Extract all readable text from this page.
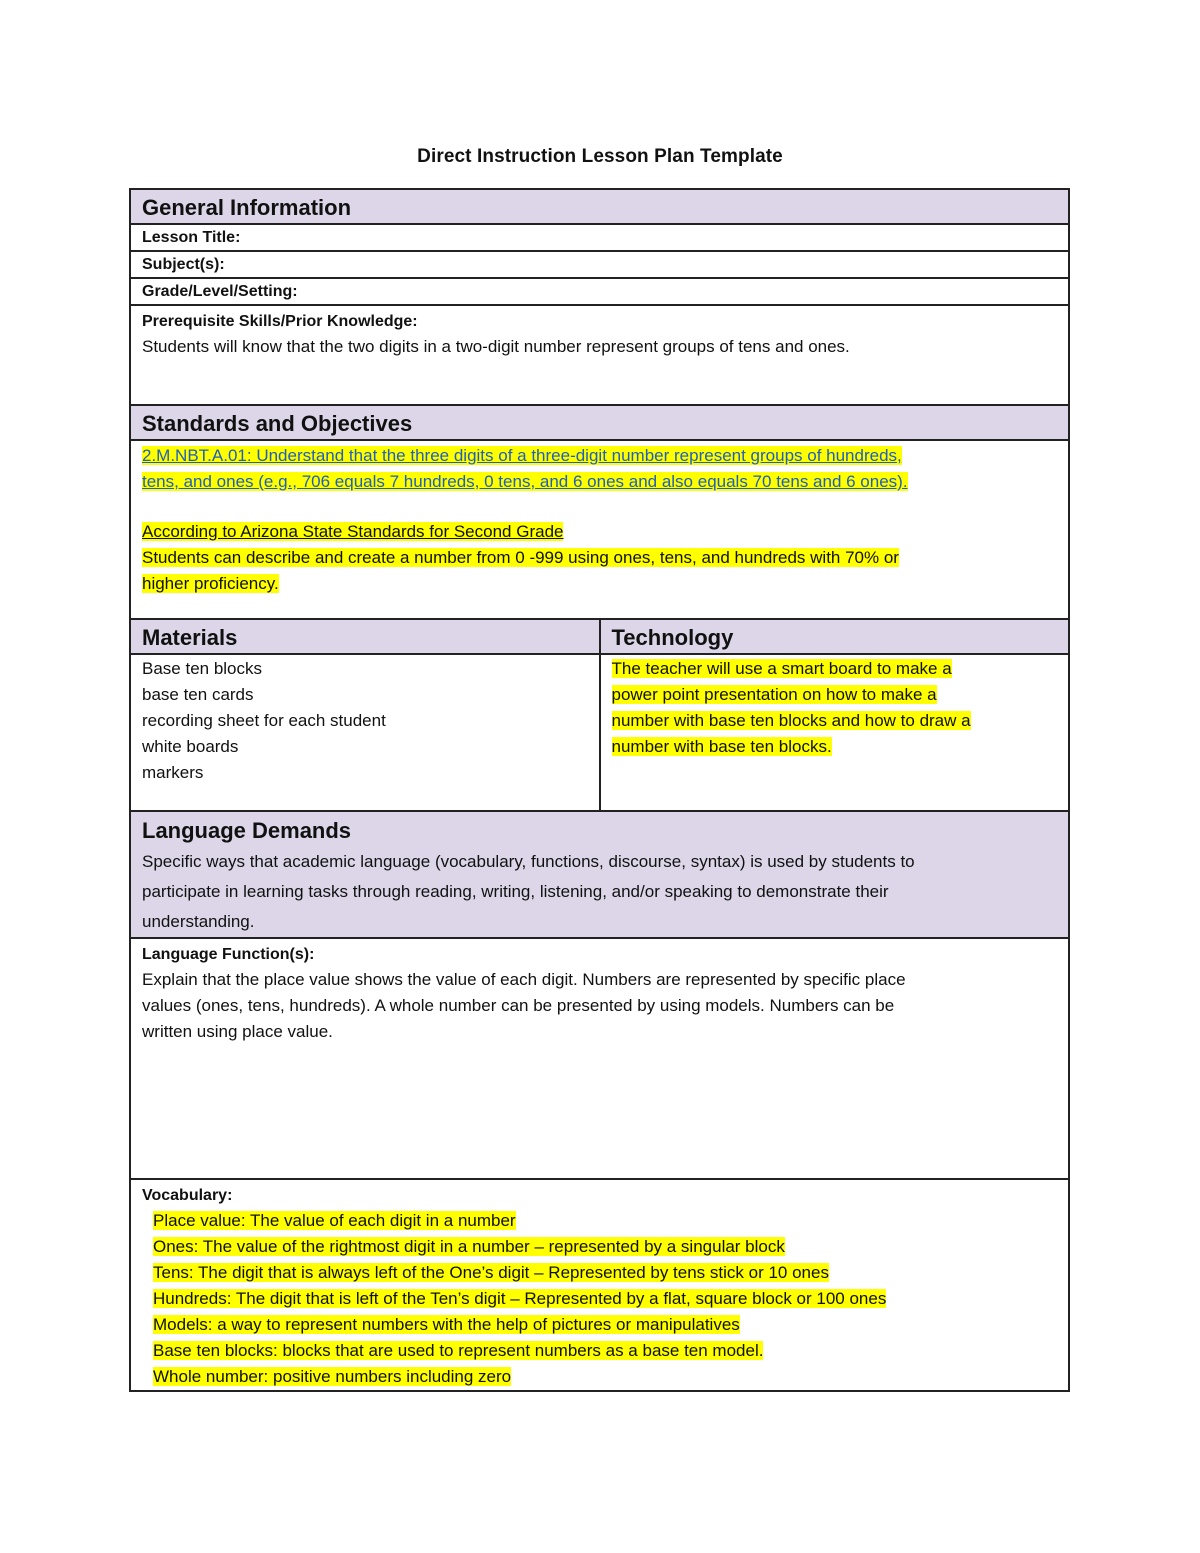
Direct Instruction Lesson Plan Template
General Information
Lesson Title:
Subject(s):
Grade/Level/Setting:
Prerequisite Skills/Prior Knowledge:
Students will know that the two digits in a two-digit number represent groups of tens and ones.
Standards and Objectives
2.M.NBT.A.01: Understand that the three digits of a three-digit number represent groups of hundreds,
tens, and ones (e.g., 706 equals 7 hundreds, 0 tens, and 6 ones and also equals 70 tens and 6 ones).
According to Arizona State Standards for Second Grade
Students can describe and create a number from 0 -999 using ones, tens, and hundreds with 70% or
higher proficiency.
Materials	Technology
Base ten blocks
base ten cards
recording sheet for each student
white boards
markers
The teacher will use a smart board to make a
power point presentation on how to make a
number with base ten blocks and how to draw a
number with base ten blocks.
Language Demands
Specific ways that academic language (vocabulary, functions, discourse, syntax) is used by students to
participate in learning tasks through reading, writing, listening, and/or speaking to demonstrate their
understanding.
Language Function(s):
Explain that the place value shows the value of each digit. Numbers are represented by specific place
values (ones, tens, hundreds). A whole number can be presented by using models. Numbers can be
written using place value.
Vocabulary:
Place value: The value of each digit in a number
Ones: The value of the rightmost digit in a number – represented by a singular block
Tens: The digit that is always left of the One’s digit – Represented by tens stick or 10 ones
Hundreds: The digit that is left of the Ten’s digit – Represented by a flat, square block or 100 ones
Models: a way to represent numbers with the help of pictures or manipulatives
Base ten blocks: blocks that are used to represent numbers as a base ten model.
Whole number: positive numbers including zero
